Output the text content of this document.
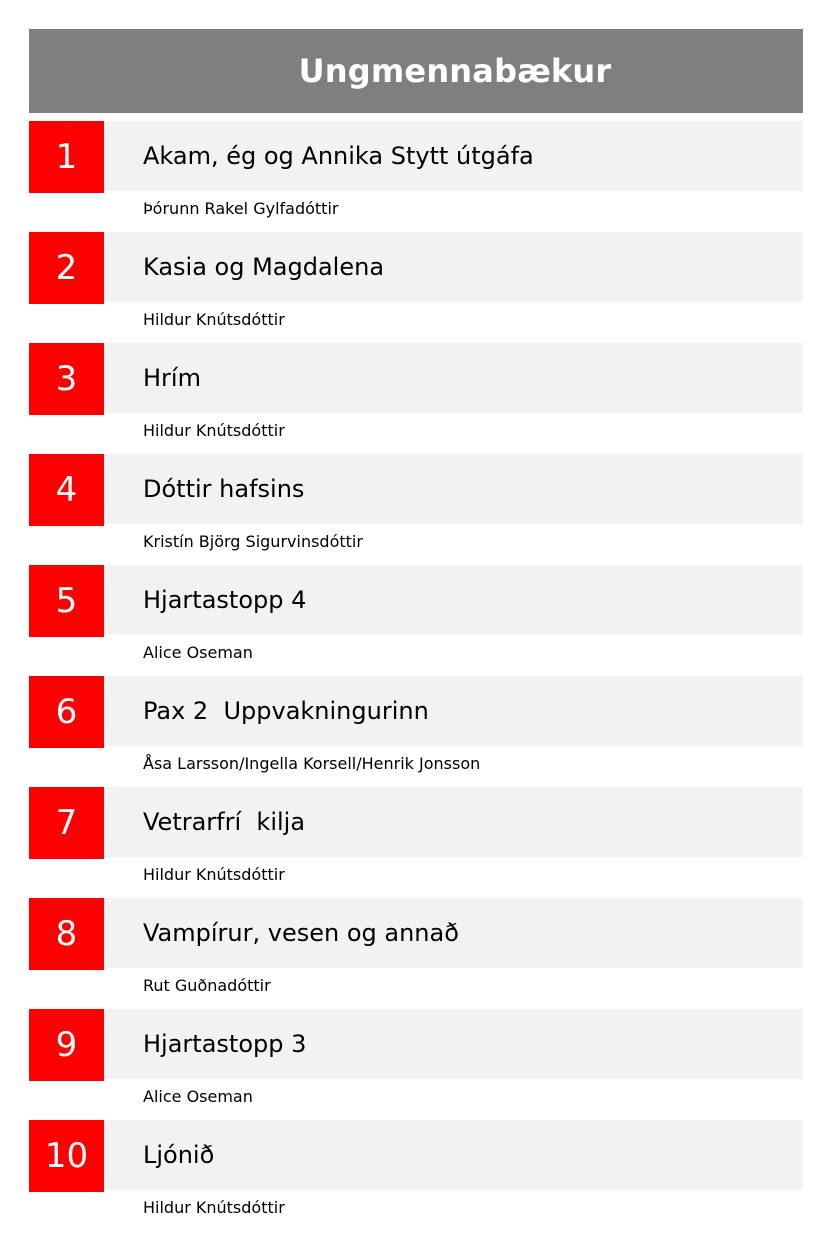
Ungmennabækur
1	Akam, ég og Annika Stytt útgáfa
Þórunn Rakel Gylfadóttir
2	Kasia og Magdalena
Hildur Knútsdóttir
3	Hrím
Hildur Knútsdóttir
4	Dóttir hafsins
Kristín Björg Sigurvinsdóttir
5	Hjartastopp 4
Alice Oseman
6	Pax 2  Uppvakningurinn
Åsa Larsson/Ingella Korsell/Henrik Jonsson
7	Vetrarfrí  kilja
Hildur Knútsdóttir
8	Vampírur, vesen og annað
Rut Guðnadóttir
9	Hjartastopp 3
Alice Oseman
10	Ljónið
Hildur Knútsdóttir
